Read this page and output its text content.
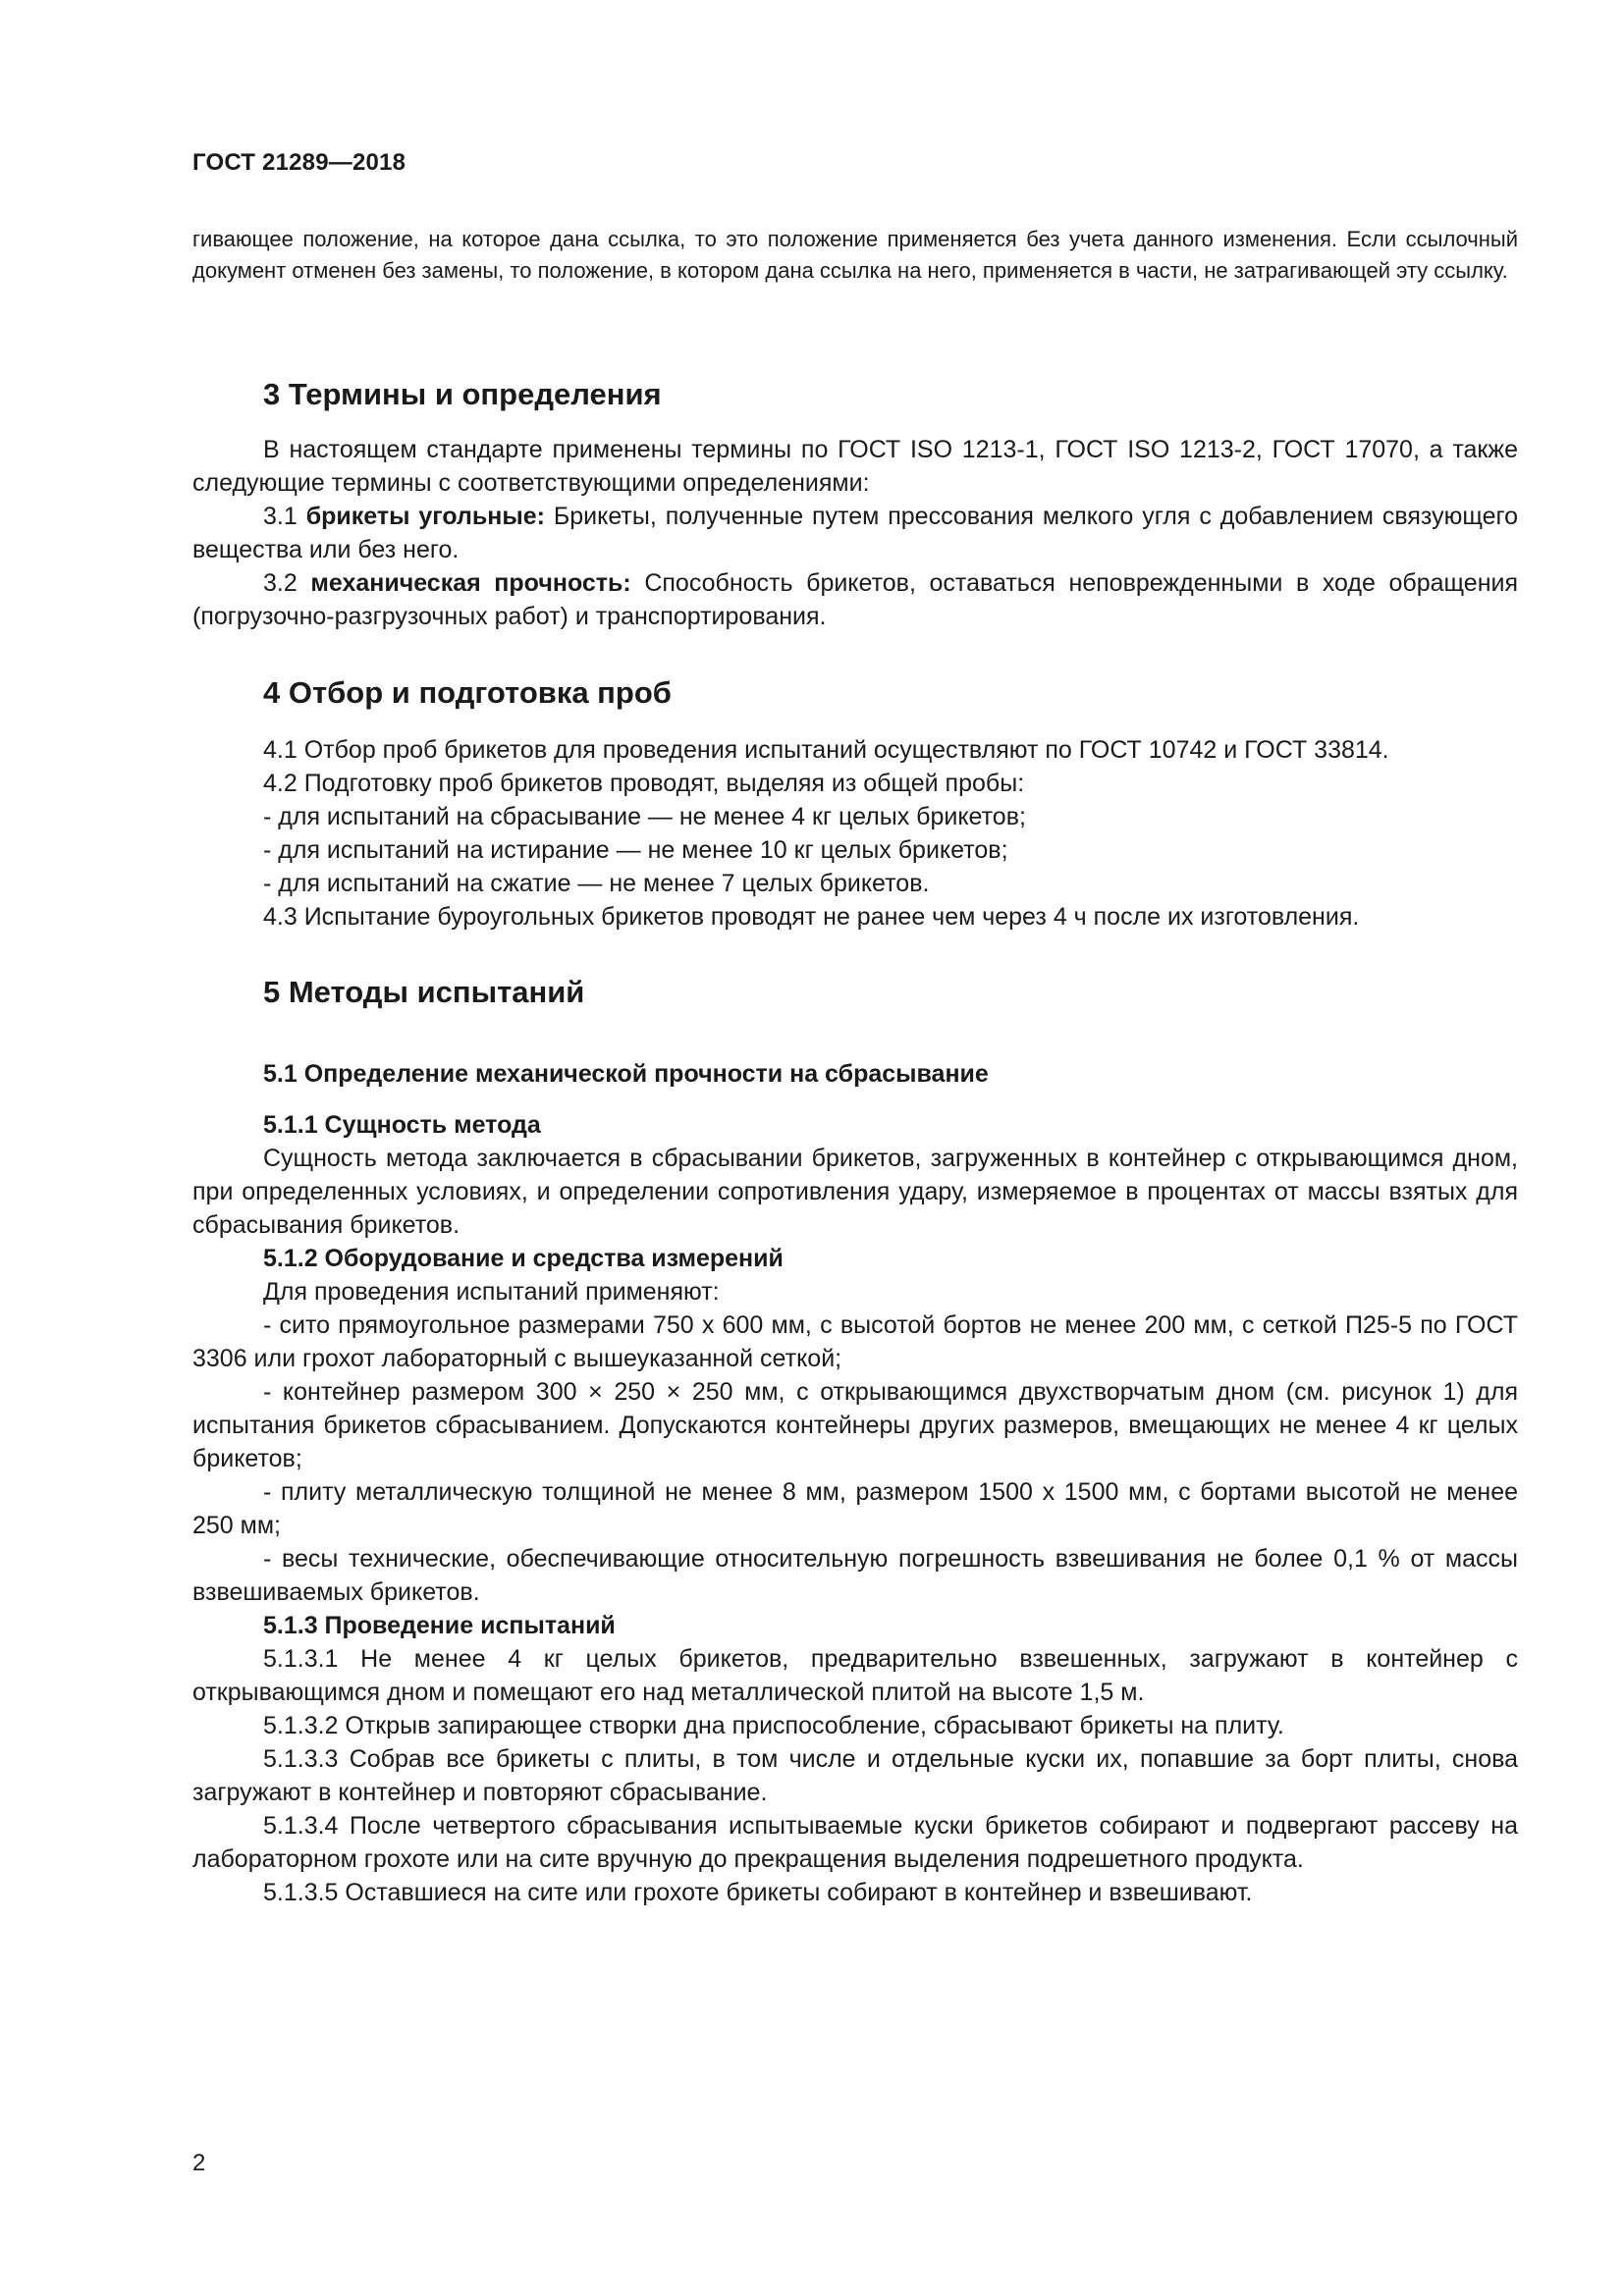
ГОСТ 21289—2018
гивающее положение, на которое дана ссылка, то это положение применяется без учета данного изменения. Если ссылочный документ отменен без замены, то положение, в котором дана ссылка на него, применяется в части, не затрагивающей эту ссылку.
3 Термины и определения

В настоящем стандарте применены термины по ГОСТ ISO 1213-1, ГОСТ ISO 1213-2, ГОСТ 17070, а также следующие термины с соответствующими определениями:

3.1 брикеты угольные: Брикеты, полученные путем прессования мелкого угля с добавлением связующего вещества или без него.

3.2 механическая прочность: Способность брикетов, оставаться неповрежденными в ходе обращения (погрузочно-разгрузочных работ) и транспортирования.

4 Отбор и подготовка проб

4.1 Отбор проб брикетов для проведения испытаний осуществляют по ГОСТ 10742 и ГОСТ 33814.

4.2 Подготовку проб брикетов проводят, выделяя из общей пробы:

- для испытаний на сбрасывание — не менее 4 кг целых брикетов;

- для испытаний на истирание — не менее 10 кг целых брикетов;

- для испытаний на сжатие — не менее 7 целых брикетов.

4.3 Испытание буроугольных брикетов проводят не ранее чем через 4 ч после их изготовления.

5 Методы испытаний

5.1 Определение механической прочности на сбрасывание

5.1.1 Сущность метода

Сущность метода заключается в сбрасывании брикетов, загруженных в контейнер с открывающимся дном, при определенных условиях, и определении сопротивления удару, измеряемое в процентах от массы взятых для сбрасывания брикетов.

5.1.2 Оборудование и средства измерений

Для проведения испытаний применяют:

- сито прямоугольное размерами 750 х 600 мм, с высотой бортов не менее 200 мм, с сеткой П25-5 по ГОСТ 3306 или грохот лабораторный с вышеуказанной сеткой;

- контейнер размером 300 × 250 × 250 мм, с открывающимся двухстворчатым дном (см. рисунок 1) для испытания брикетов сбрасыванием. Допускаются контейнеры других размеров, вмещающих не менее 4 кг целых брикетов;

- плиту металлическую толщиной не менее 8 мм, размером 1500 х 1500 мм, с бортами высотой не менее 250 мм;

- весы технические, обеспечивающие относительную погрешность взвешивания не более 0,1 % от массы взвешиваемых брикетов.

5.1.3 Проведение испытаний

5.1.3.1 Не менее 4 кг целых брикетов, предварительно взвешенных, загружают в контейнер с открывающимся дном и помещают его над металлической плитой на высоте 1,5 м.

5.1.3.2 Открыв запирающее створки дна приспособление, сбрасывают брикеты на плиту.

5.1.3.3 Собрав все брикеты с плиты, в том числе и отдельные куски их, попавшие за борт плиты, снова загружают в контейнер и повторяют сбрасывание.

5.1.3.4 После четвертого сбрасывания испытываемые куски брикетов собирают и подвергают рассеву на лабораторном грохоте или на сите вручную до прекращения выделения подрешетного продукта.

5.1.3.5 Оставшиеся на сите или грохоте брикеты собирают в контейнер и взвешивают.

2
